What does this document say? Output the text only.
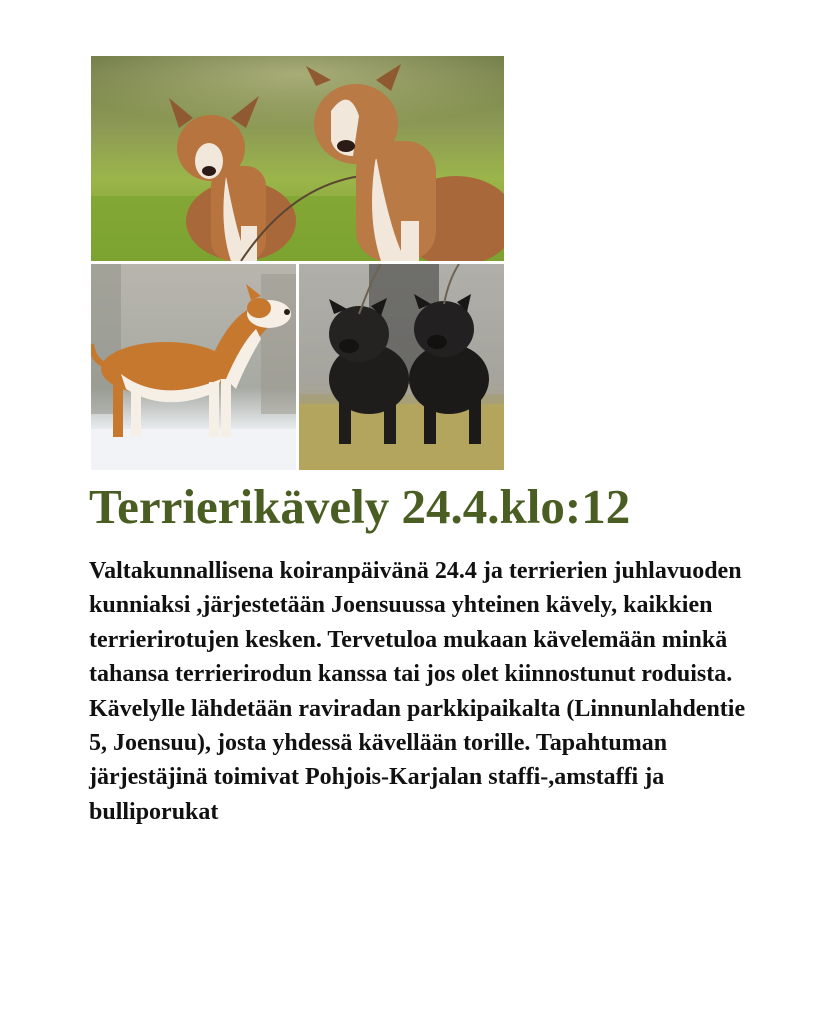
Terrierikävely 24.4.klo:12

Valtakunnallisena koiranpäivänä 24.4 ja terrierien juhlavuoden kunniaksi ,järjestetään Joensuussa yhteinen kävely, kaikkien terrierirotujen kesken. Tervetuloa mukaan kävelemään minkä tahansa terrierirodun kanssa tai jos olet kiinnostunut roduista. Kävelylle lähdetään raviradan parkkipaikalta (Linnunlahdentie 5, Joensuu), josta yhdessä kävellään torille. Tapahtuman järjestäjinä toimivat Pohjois-Karjalan staffi-,amstaffi ja bulliporukat
